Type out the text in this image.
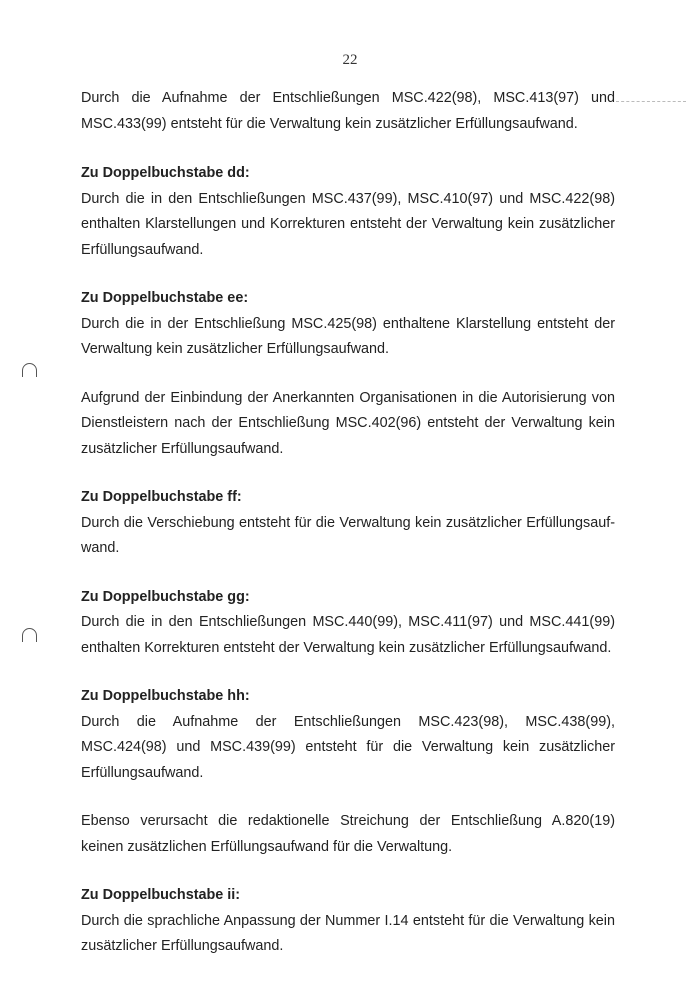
22

Durch die Aufnahme der Entschließungen MSC.422(98), MSC.413(97) und MSC.433(99) entsteht für die Verwaltung kein zusätzlicher Erfüllungsaufwand.

Zu Doppelbuchstabe dd:

Durch die in den Entschließungen MSC.437(99), MSC.410(97) und MSC.422(98) enthalten Klarstellungen und Korrekturen entsteht der Verwaltung kein zusätzlicher Erfüllungsaufwand.

Zu Doppelbuchstabe ee:

Durch die in der Entschließung MSC.425(98) enthaltene Klarstellung entsteht der Verwaltung kein zusätzlicher Erfüllungsaufwand.

Aufgrund der Einbindung der Anerkannten Organisationen in die Autorisierung von Dienstleistern nach der Entschließung MSC.402(96) entsteht der Verwaltung kein zusätzlicher Erfüllungsaufwand.

Zu Doppelbuchstabe ff:

Durch die Verschiebung entsteht für die Verwaltung kein zusätzlicher Erfüllungsauf-wand.

Zu Doppelbuchstabe gg:

Durch die in den Entschließungen MSC.440(99), MSC.411(97) und MSC.441(99) enthalten Korrekturen entsteht der Verwaltung kein zusätzlicher Erfüllungsaufwand.

Zu Doppelbuchstabe hh:

Durch die Aufnahme der Entschließungen MSC.423(98), MSC.438(99), MSC.424(98) und MSC.439(99) entsteht für die Verwaltung kein zusätzlicher Erfüllungsaufwand.

Ebenso verursacht die redaktionelle Streichung der Entschließung A.820(19) keinen zusätzlichen Erfüllungsaufwand für die Verwaltung.

Zu Doppelbuchstabe ii:

Durch die sprachliche Anpassung der Nummer I.14 entsteht für die Verwaltung kein zusätzlicher Erfüllungsaufwand.
